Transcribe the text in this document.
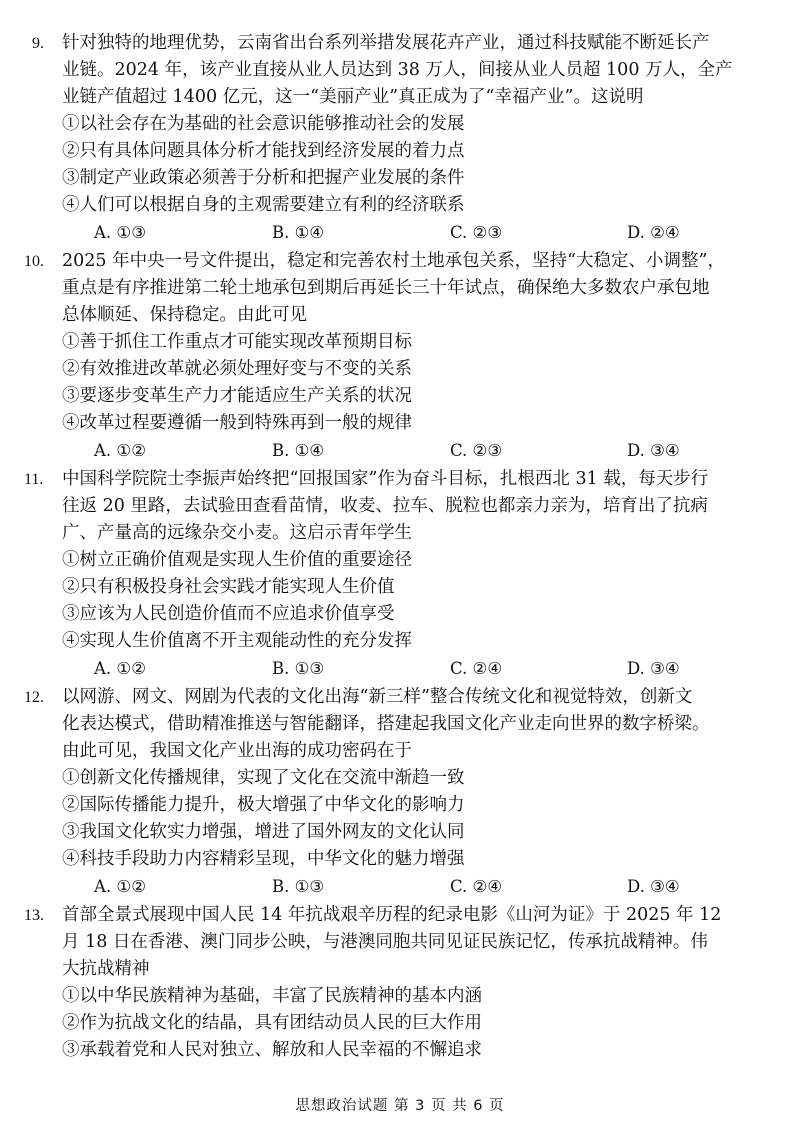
9. 针对独特的地理优势，云南省出台系列举措发展花卉产业，通过科技赋能不断延长产
业链。2024 年，该产业直接从业人员达到 38 万人，间接从业人员超 100 万人，全产
业链产值超过 1400 亿元，这一“美丽产业”真正成为了“幸福产业”。这说明
①以社会存在为基础的社会意识能够推动社会的发展
②只有具体问题具体分析才能找到经济发展的着力点
③制定产业政策必须善于分析和把握产业发展的条件
④人们可以根据自身的主观需要建立有利的经济联系
A. ①③	B. ①④	C. ②③	D. ②④
10. 2025 年中央一号文件提出，稳定和完善农村土地承包关系，坚持“大稳定、小调整”，
重点是有序推进第二轮土地承包到期后再延长三十年试点，确保绝大多数农户承包地
总体顺延、保持稳定。由此可见
①善于抓住工作重点才可能实现改革预期目标
②有效推进改革就必须处理好变与不变的关系
③要逐步变革生产力才能适应生产关系的状况
④改革过程要遵循一般到特殊再到一般的规律
A. ①②	B. ①④	C. ②③	D. ③④
11. 中国科学院院士李振声始终把“回报国家”作为奋斗目标，扎根西北 31 载，每天步行
往返 20 里路，去试验田查看苗情，收麦、拉车、脱粒也都亲力亲为，培育出了抗病
广、产量高的远缘杂交小麦。这启示青年学生
①树立正确价值观是实现人生价值的重要途径
②只有积极投身社会实践才能实现人生价值
③应该为人民创造价值而不应追求价值享受
④实现人生价值离不开主观能动性的充分发挥
A. ①②	B. ①③	C. ②④	D. ③④
12. 以网游、网文、网剧为代表的文化出海“新三样”整合传统文化和视觉特效，创新文
化表达模式，借助精准推送与智能翻译，搭建起我国文化产业走向世界的数字桥梁。
由此可见，我国文化产业出海的成功密码在于
①创新文化传播规律，实现了文化在交流中渐趋一致
②国际传播能力提升，极大增强了中华文化的影响力
③我国文化软实力增强，增进了国外网友的文化认同
④科技手段助力内容精彩呈现，中华文化的魅力增强
A. ①②	B. ①③	C. ②④	D. ③④
13. 首部全景式展现中国人民 14 年抗战艰辛历程的纪录电影《山河为证》于 2025 年 12
月 18 日在香港、澳门同步公映，与港澳同胞共同见证民族记忆，传承抗战精神。伟
大抗战精神
①以中华民族精神为基础，丰富了民族精神的基本内涵
②作为抗战文化的结晶，具有团结动员人民的巨大作用
③承载着党和人民对独立、解放和人民幸福的不懈追求
思想政治试题 第 3 页 共 6 页
